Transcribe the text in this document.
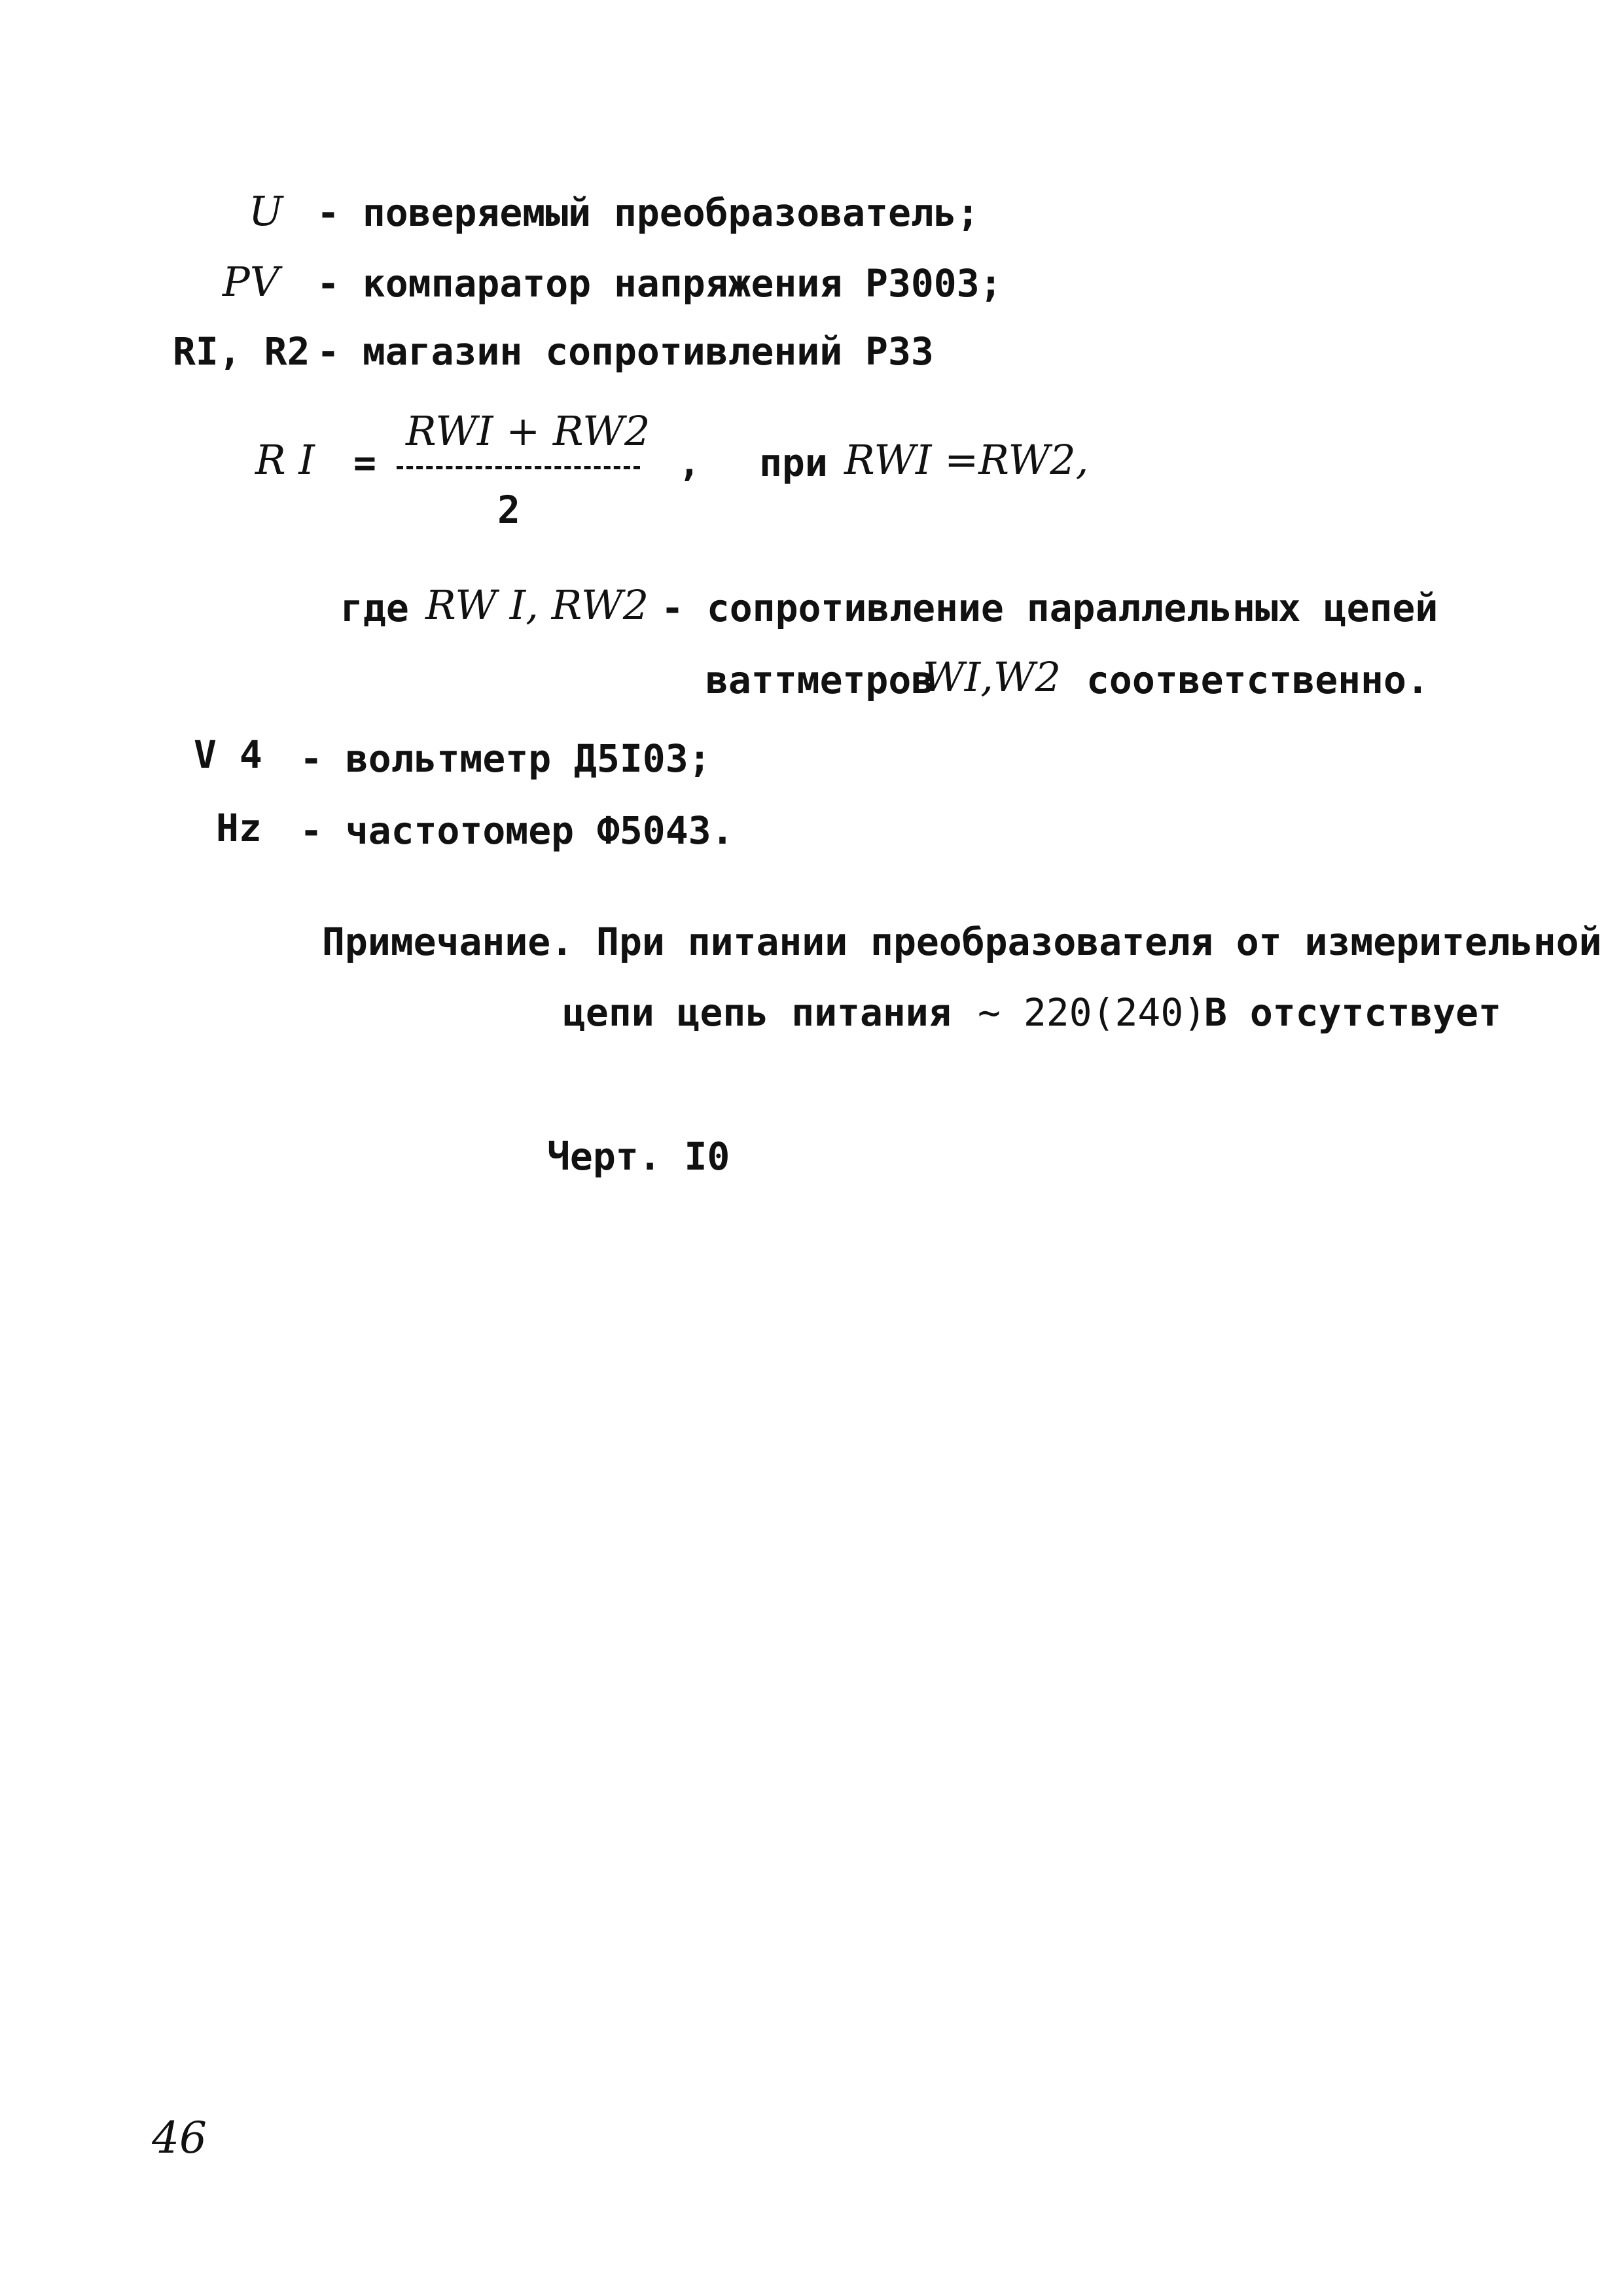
U - поверяемый преобразователь;
PV - компаратор напряжения P3003;
RI, R2 - магазин сопротивлений P33
R I =
RWI + RW2
2
, при RWI =RW2,
где RW I, RW2 - сопротивление параллельных цепей
ваттметров
WI,W2 соответственно.
V 4 - вольтметр Д5I03;
Hz - частотомер Ф5043.
Примечание. При питании преобразователя от измерительной
цепи цепь питания ~ 220(240)
В отсутствует
Черт. I0
46
